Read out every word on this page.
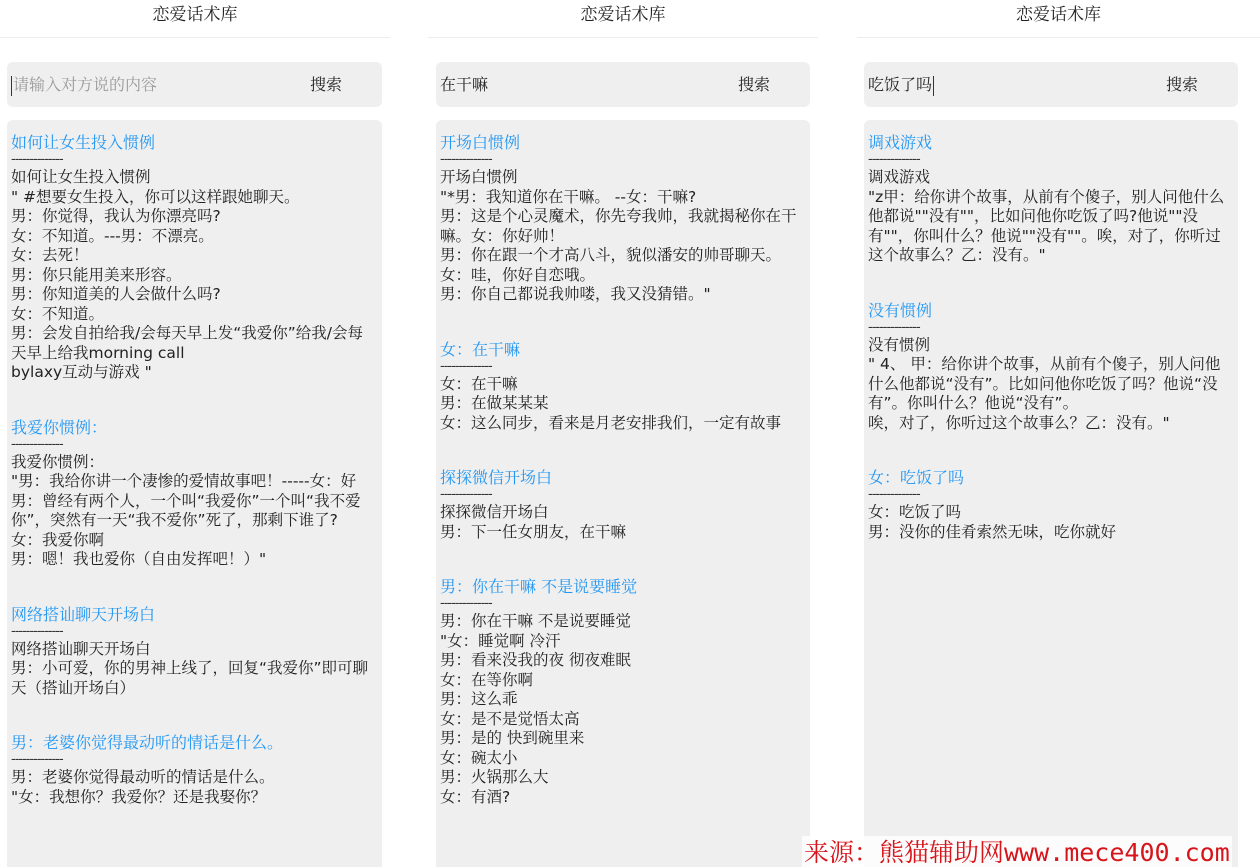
恋爱话术库
请输入对方说的内容	搜索
如何让女生投入惯例
--------------
如何让女生投入惯例
" #想要女生投入，你可以这样跟她聊天。
男：你觉得，我认为你漂亮吗?
女：不知道。---男：不漂亮。
女：去死！
男：你只能用美来形容。
男：你知道美的人会做什么吗?
女：不知道。
男：会发自拍给我/会每天早上发“我爱你”给我/会每天早上给我morning call
bylaxy互动与游戏 "
我爱你惯例：
--------------
我爱你惯例：
"男：我给你讲一个凄惨的爱情故事吧！-----女：好
男：曾经有两个人，一个叫“我爱你”一个叫“我不爱你”，突然有一天“我不爱你”死了，那剩下谁了?
女：我爱你啊
男：嗯！我也爱你（自由发挥吧！）"
网络搭讪聊天开场白
--------------
网络搭讪聊天开场白
男：小可爱，你的男神上线了，回复“我爱你”即可聊天（搭讪开场白）
男：老婆你觉得最动听的情话是什么。
--------------
男：老婆你觉得最动听的情话是什么。
"女：我想你？我爱你？还是我娶你？
恋爱话术库
在干嘛	搜索
开场白惯例
--------------
开场白惯例
"*男：我知道你在干嘛。 --女：干嘛?
男：这是个心灵魔术，你先夸我帅，我就揭秘你在干嘛。女：你好帅！
男：你在跟一个才高八斗，貌似潘安的帅哥聊天。
女：哇，你好自恋哦。
男：你自己都说我帅喽，我又没猜错。"
女：在干嘛
--------------
女：在干嘛
男：在做某某某
女：这么同步，看来是月老安排我们，一定有故事
探探微信开场白
--------------
探探微信开场白
男：下一任女朋友，在干嘛
男：你在干嘛 不是说要睡觉
--------------
男：你在干嘛 不是说要睡觉
"女：睡觉啊 冷汗
男：看来没我的夜 彻夜难眠
女：在等你啊
男：这么乖
女：是不是觉悟太高
男：是的 快到碗里来
女：碗太小
男：火锅那么大
女：有酒?
恋爱话术库
吃饭了吗	搜索
调戏游戏
--------------
调戏游戏
"z甲：给你讲个故事，从前有个傻子，别人问他什么他都说""没有""，比如问他你吃饭了吗?他说""没有""，你叫什么？他说""没有""。唉，对了，你听过这个故事么？乙：没有。"
没有惯例
--------------
没有惯例
" 4、 甲：给你讲个故事，从前有个傻子，别人问他什么他都说“没有”。比如问他你吃饭了吗？他说“没有”。你叫什么？他说“没有”。
唉，对了，你听过这个故事么？乙：没有。"
女：吃饭了吗
--------------
女：吃饭了吗
男：没你的佳肴索然无味，吃你就好
来源：熊猫辅助网www.mece400.com
